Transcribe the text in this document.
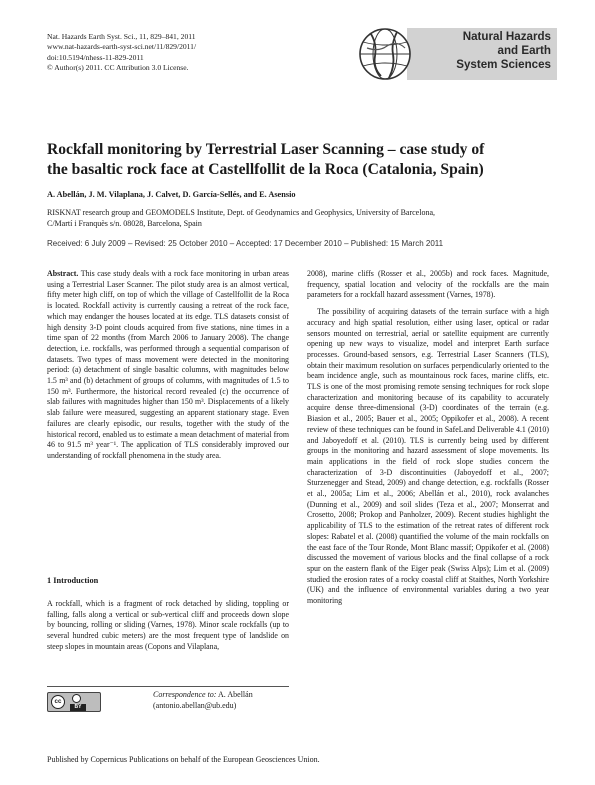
Nat. Hazards Earth Syst. Sci., 11, 829–841, 2011
www.nat-hazards-earth-syst-sci.net/11/829/2011/
doi:10.5194/nhess-11-829-2011
© Author(s) 2011. CC Attribution 3.0 License.
Natural Hazards
and Earth
System Sciences
Rockfall monitoring by Terrestrial Laser Scanning – case study of
the basaltic rock face at Castellfollit de la Roca (Catalonia, Spain)
A. Abellán, J. M. Vilaplana, J. Calvet, D. García-Sellés, and E. Asensio
RISKNAT research group and GEOMODELS Institute, Dept. of Geodynamics and Geophysics, University of Barcelona,
C/Martí i Franquès s/n. 08028, Barcelona, Spain
Received: 6 July 2009 – Revised: 25 October 2010 – Accepted: 17 December 2010 – Published: 15 March 2011

Abstract. This case study deals with a rock face monitoring in urban areas using a Terrestrial Laser Scanner. The pilot study area is an almost vertical, fifty meter high cliff, on top of which the village of Castellfollit de la Roca is located. Rockfall activity is currently causing a retreat of the rock face, which may endanger the houses located at its edge. TLS datasets consist of high density 3-D point clouds acquired from five stations, nine times in a time span of 22 months (from March 2006 to January 2008). The change detection, i.e. rockfalls, was performed through a sequential comparison of datasets. Two types of mass movement were detected in the monitoring period: (a) detachment of single basaltic columns, with magnitudes below 1.5 m³ and (b) detachment of groups of columns, with magnitudes of 1.5 to 150 m³. Furthermore, the historical record revealed (c) the occurrence of slab failures with magnitudes higher than 150 m³. Displacements of a likely slab failure were measured, suggesting an apparent stationary stage. Even failures are clearly episodic, our results, together with the study of the historical record, enabled us to estimate a mean detachment of material from 46 to 91.5 m³ year⁻¹. The application of TLS considerably improved our understanding of rockfall phenomena in the study area.

1 Introduction

A rockfall, which is a fragment of rock detached by sliding, toppling or falling, falls along a vertical or sub-vertical cliff and proceeds down slope by bouncing, rolling or sliding (Varnes, 1978). Minor scale rockfalls (up to several hundred cubic meters) are the most frequent type of landslide on steep slopes in mountain areas (Copons and Vilaplana,

2008), marine cliffs (Rosser et al., 2005b) and rock faces. Magnitude, frequency, spatial location and velocity of the rockfalls are the main parameters for a rockfall hazard assessment (Varnes, 1978).

The possibility of acquiring datasets of the terrain surface with a high accuracy and high spatial resolution, either using laser, optical or radar sensors mounted on terrestrial, aerial or satellite equipment are currently opening up new ways to visualize, model and interpret Earth surface processes. Ground-based sensors, e.g. Terrestrial Laser Scanners (TLS), obtain their maximum resolution on surfaces perpendicularly oriented to the beam incidence angle, such as mountainous rock faces, marine cliffs, etc. TLS is one of the most promising remote sensing techniques for rock slope characterization and monitoring because of its capability to accurately acquire dense three-dimensional (3-D) coordinates of the terrain (e.g. Biasion et al., 2005; Bauer et al., 2005; Oppikofer et al., 2008). A recent review of these techniques can be found in SafeLand Deliverable 4.1 (2010) and Jaboyedoff et al. (2010). TLS is currently being used by different groups in the monitoring and hazard assessment of slope movements. Its main applications in the field of rock slope studies concern the characterization of 3-D discontinuities (Jaboyedoff et al., 2007; Sturzenegger and Stead, 2009) and change detection, e.g. rockfalls (Rosser et al., 2005a; Lim et al., 2006; Abellán et al., 2010), rock avalanches (Dunning et al., 2009) and soil slides (Teza et al., 2007; Monserrat and Crosetto, 2008; Prokop and Panholzer, 2009). Recent studies highlight the applicability of TLS to the estimation of the retreat rates of different rock slopes: Rabatel et al. (2008) quantified the volume of the main rockfalls on the east face of the Tour Ronde, Mont Blanc massif; Oppikofer et al. (2008) discussed the movement of various blocks and the final collapse of a rock spur on the eastern flank of the Eiger peak (Swiss Alps); Lim et al. (2009) studied the erosion rates of a rocky coastal cliff at Staithes, North Yorkshire (UK) and the influence of environmental variables during a two year monitoring

cc
BY
Correspondence to: A. Abellán
(antonio.abellan@ub.edu)
Published by Copernicus Publications on behalf of the European Geosciences Union.
